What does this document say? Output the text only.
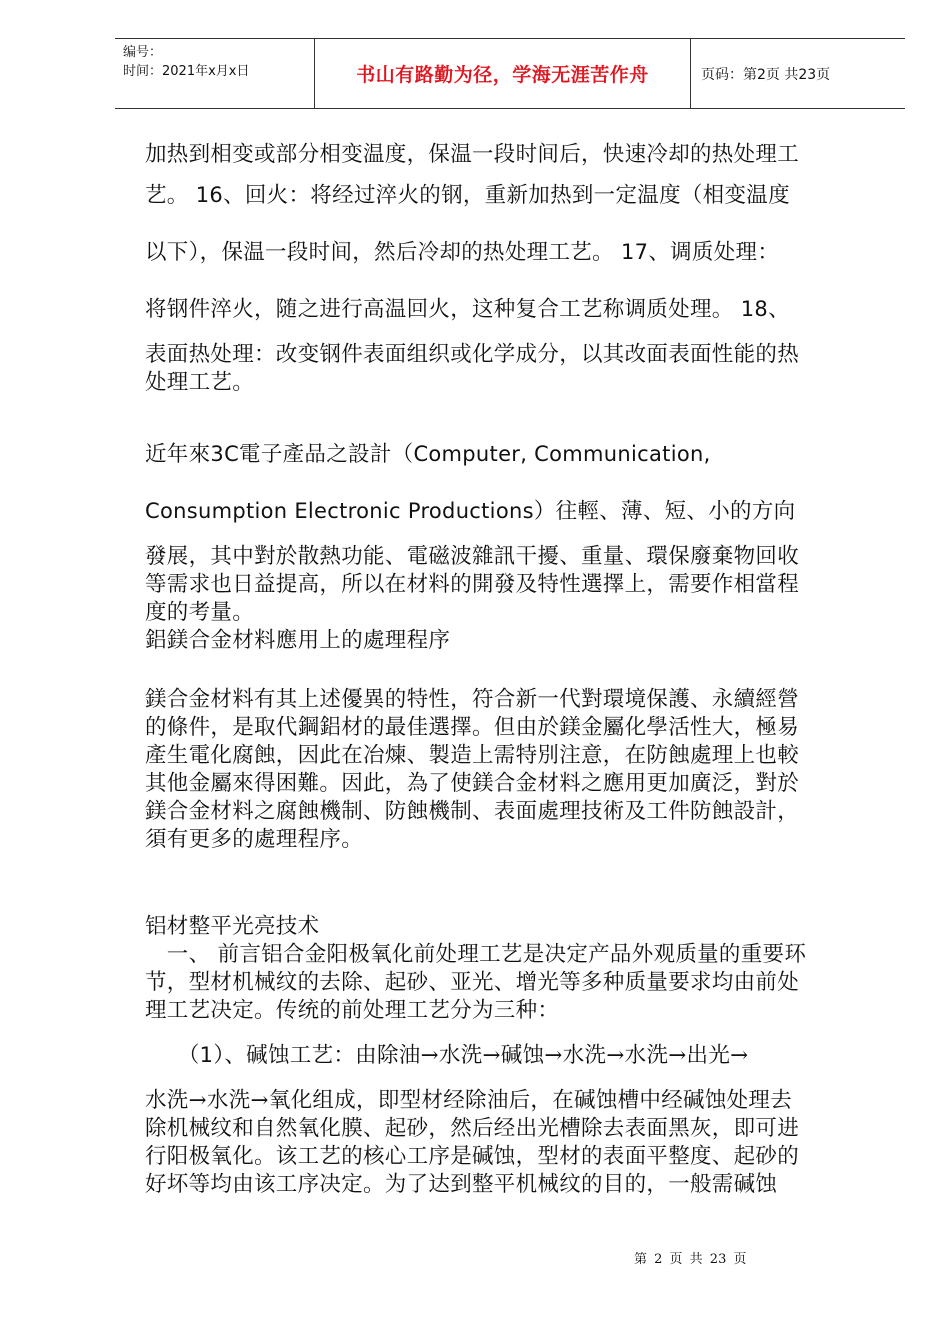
编号：
时间：2021年x月x日	书山有路勤为径，学海无涯苦作舟	页码：第2页 共23页
加热到相变或部分相变温度，保温一段时间后，快速冷却的热处理工
艺。 16、回火：将经过淬火的钢，重新加热到一定温度（相变温度
以下），保温一段时间，然后冷却的热处理工艺。 17、调质处理：
将钢件淬火，随之进行高温回火，这种复合工艺称调质处理。 18、
表面热处理：改变钢件表面组织或化学成分，以其改面表面性能的热
处理工艺。
近年來3C電子產品之設計（Computer, Communication,
Consumption Electronic Productions）往輕、薄、短、小的方向
發展，其中對於散熱功能、電磁波雜訊干擾、重量、環保廢棄物回收
等需求也日益提高，所以在材料的開發及特性選擇上，需要作相當程
度的考量。
鋁鎂合金材料應用上的處理程序
鎂合金材料有其上述優異的特性，符合新一代對環境保護、永續經營
的條件，是取代鋼鋁材的最佳選擇。但由於鎂金屬化學活性大，極易
產生電化腐蝕，因此在冶煉、製造上需特別注意，在防蝕處理上也較
其他金屬來得困難。因此，為了使鎂合金材料之應用更加廣泛，對於
鎂合金材料之腐蝕機制、防蝕機制、表面處理技術及工件防蝕設計，
須有更多的處理程序。
铝材整平光亮技术
　一、 前言铝合金阳极氧化前处理工艺是决定产品外观质量的重要环
节，型材机械纹的去除、起砂、亚光、增光等多种质量要求均由前处
理工艺决定。传统的前处理工艺分为三种：
　　（1）、碱蚀工艺：由除油→水洗→碱蚀→水洗→水洗→出光→
水洗→水洗→氧化组成，即型材经除油后，在碱蚀槽中经碱蚀处理去
除机械纹和自然氧化膜、起砂，然后经出光槽除去表面黑灰，即可进
行阳极氧化。该工艺的核心工序是碱蚀，型材的表面平整度、起砂的
好坏等均由该工序决定。为了达到整平机械纹的目的，一般需碱蚀
第 2 页 共 23 页
